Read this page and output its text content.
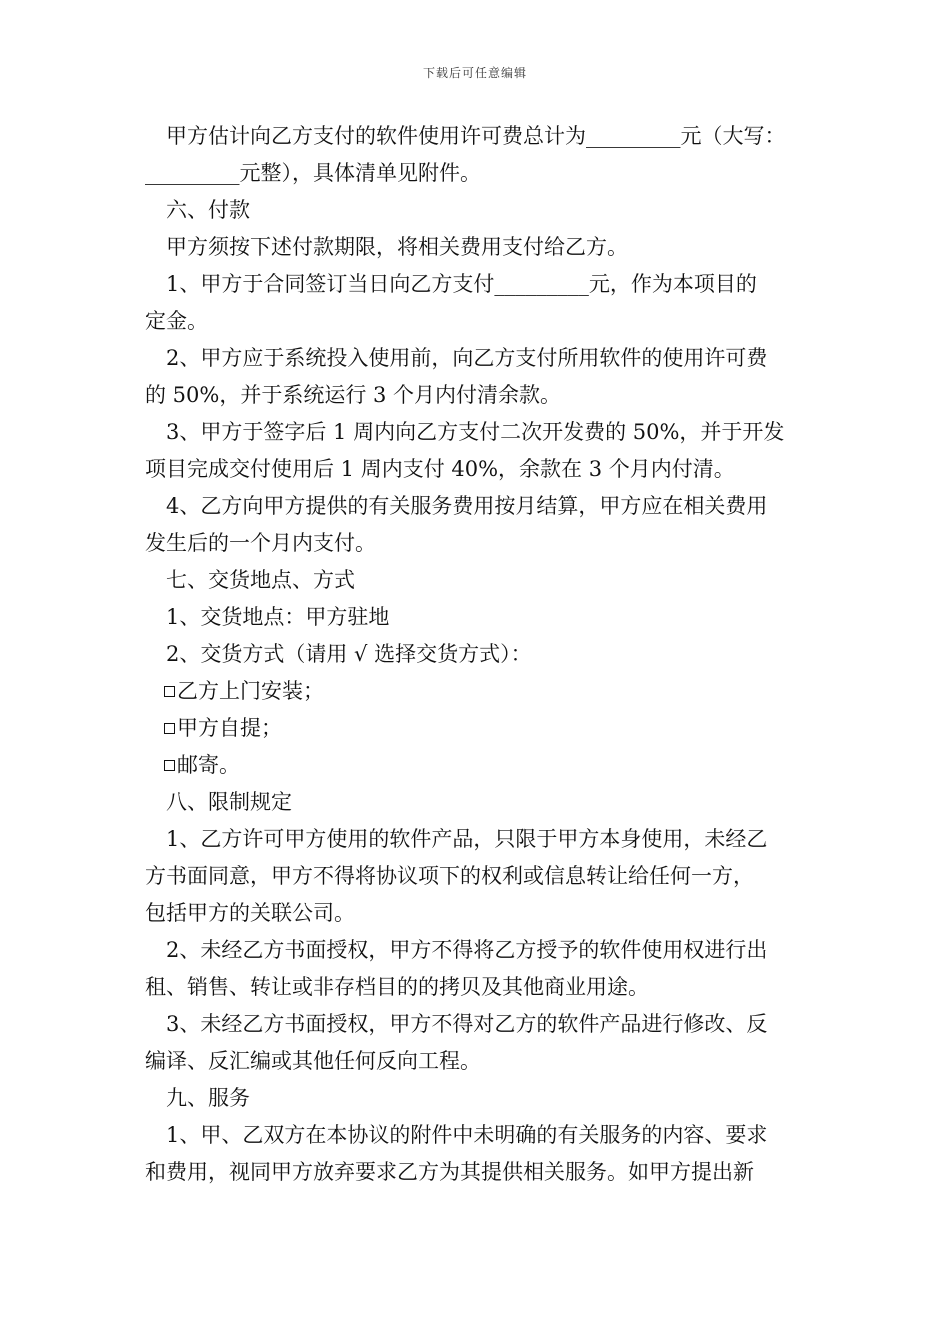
下载后可任意编辑
甲方估计向乙方支付的软件使用许可费总计为_________元（大写：
_________元整），具体清单见附件。
六、付款
甲方须按下述付款期限，将相关费用支付给乙方。
1、甲方于合同签订当日向乙方支付_________元，作为本项目的
定金。
2、甲方应于系统投入使用前，向乙方支付所用软件的使用许可费
的 50%，并于系统运行 3 个月内付清余款。
3、甲方于签字后 1 周内向乙方支付二次开发费的 50%，并于开发
项目完成交付使用后 1 周内支付 40%，余款在 3 个月内付清。
4、乙方向甲方提供的有关服务费用按月结算，甲方应在相关费用
发生后的一个月内支付。
七、交货地点、方式
1、交货地点：甲方驻地
2、交货方式（请用 √ 选择交货方式）：
乙方上门安装；
甲方自提；
邮寄。
八、限制规定
1、乙方许可甲方使用的软件产品，只限于甲方本身使用，未经乙
方书面同意，甲方不得将协议项下的权利或信息转让给任何一方，
包括甲方的关联公司。
2、未经乙方书面授权，甲方不得将乙方授予的软件使用权进行出
租、销售、转让或非存档目的的拷贝及其他商业用途。
3、未经乙方书面授权，甲方不得对乙方的软件产品进行修改、反
编译、反汇编或其他任何反向工程。
九、服务
1、甲、乙双方在本协议的附件中未明确的有关服务的内容、要求
和费用，视同甲方放弃要求乙方为其提供相关服务。如甲方提出新
